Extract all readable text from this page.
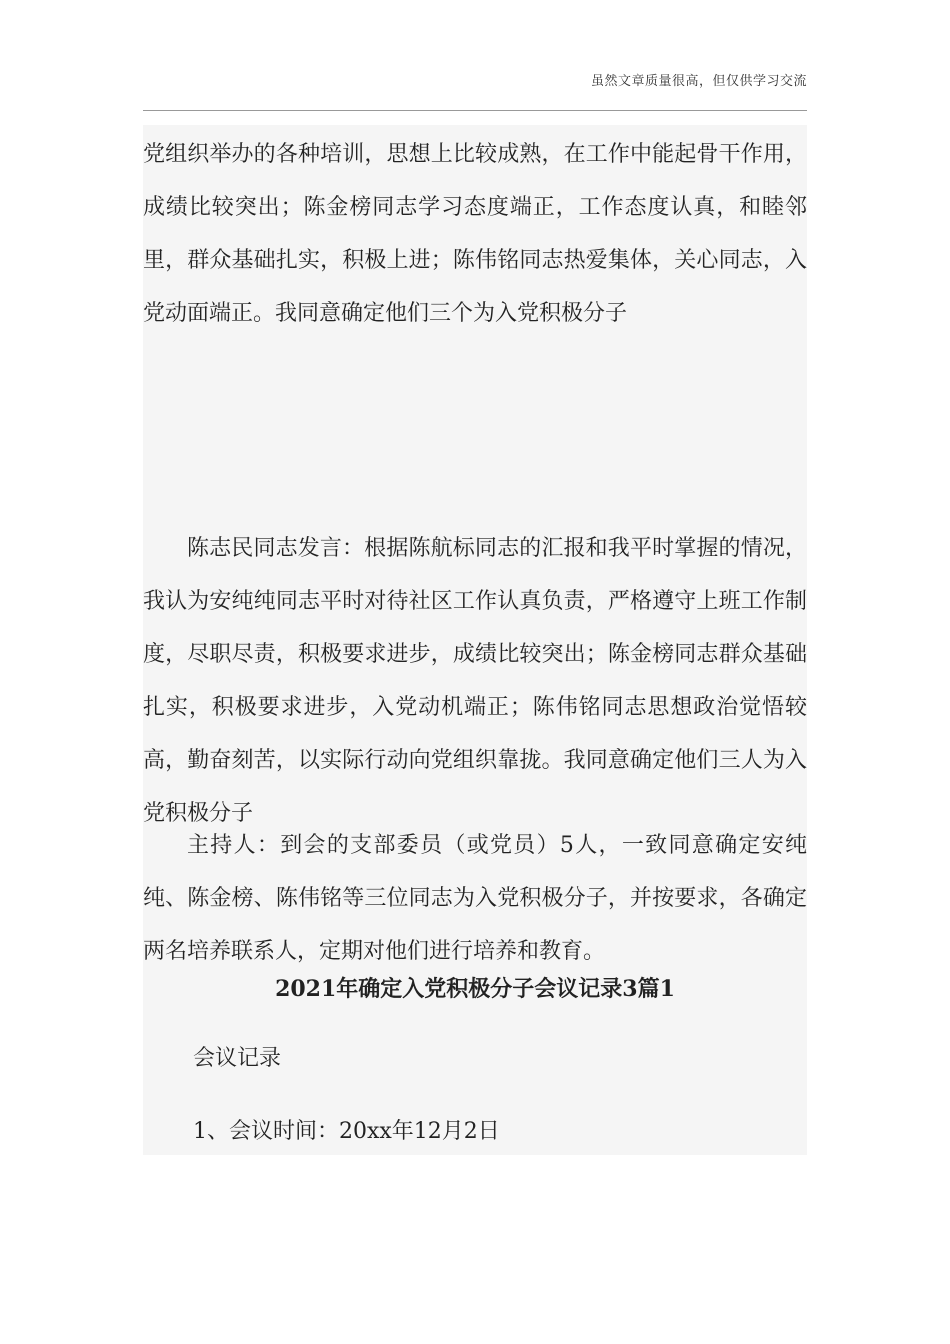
虽然文章质量很高，但仅供学习交流

党组织举办的各种培训，思想上比较成熟，在工作中能起骨干作用，成绩比较突出；陈金榜同志学习态度端正，工作态度认真，和睦邻里，群众基础扎实，积极上进；陈伟铭同志热爱集体，关心同志，入党动面端正。我同意确定他们三个为入党积极分子

陈志民同志发言：根据陈航标同志的汇报和我平时掌握的情况，我认为安纯纯同志平时对待社区工作认真负责，严格遵守上班工作制度，尽职尽责，积极要求进步，成绩比较突出；陈金榜同志群众基础扎实，积极要求进步，入党动机端正；陈伟铭同志思想政治觉悟较高，勤奋刻苦，以实际行动向党组织靠拢。我同意确定他们三人为入党积极分子

主持人：到会的支部委员（或党员）5人，一致同意确定安纯纯、陈金榜、陈伟铭等三位同志为入党积极分子，并按要求，各确定两名培养联系人，定期对他们进行培养和教育。

2021年确定入党积极分子会议记录3篇1

会议记录

1、会议时间：20xx年12月2日
